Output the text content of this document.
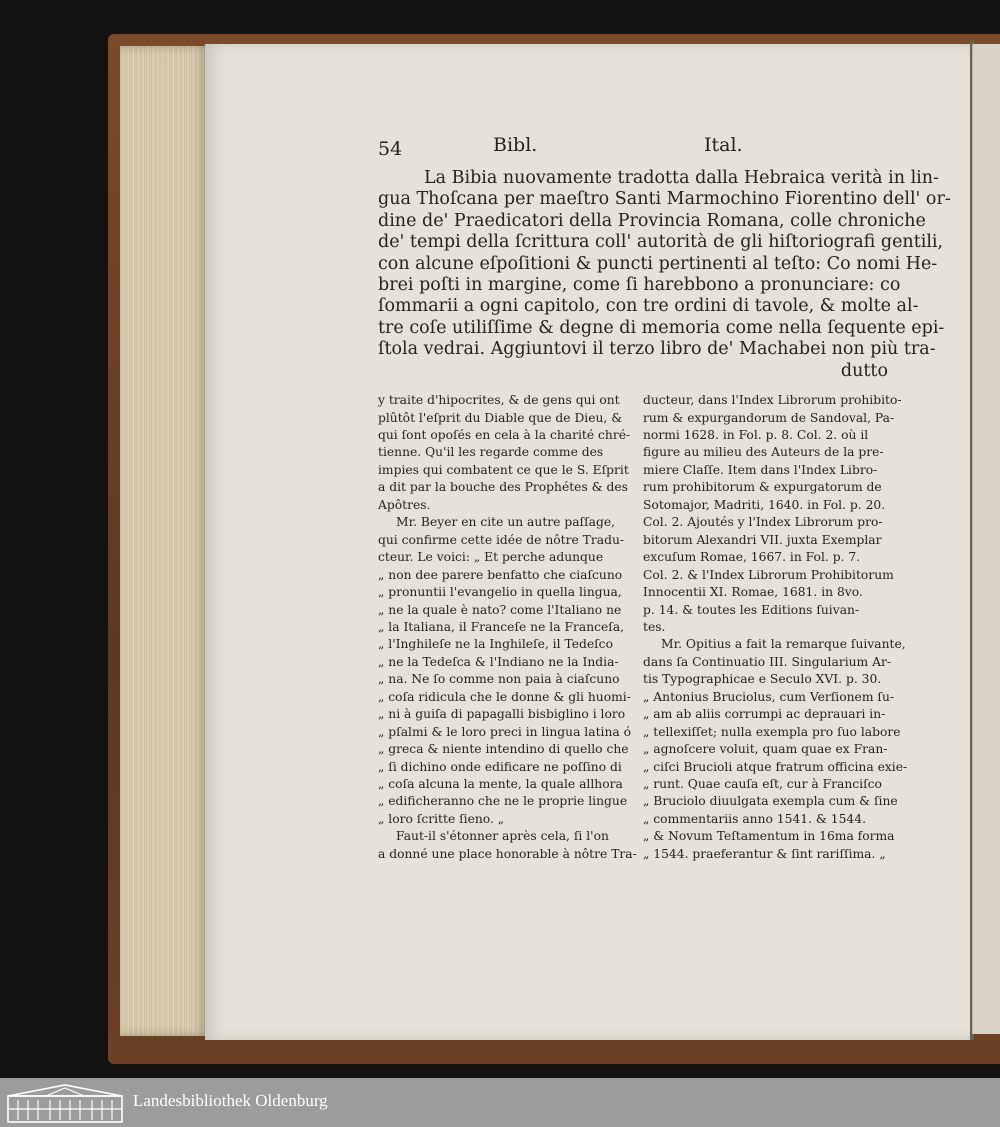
54	Bibl.	Ital.
La Bibia nuovamente tradotta dalla Hebraica verità in lin-
gua Thoſcana per maeſtro Santi Marmochino Fiorentino dell' or-
dine de' Praedicatori della Provincia Romana, colle chroniche
de' tempi della ſcrittura coll' autorità de gli hiſtoriografi gentili,
con alcune eſpoſitioni & puncti pertinenti al teſto: Co nomi He-
brei poſti in margine, come ſi harebbono a pronunciare: co
ſommarii a ogni capitolo, con tre ordini di tavole, & molte al-
tre coſe utiliſſime & degne di memoria come nella ſequente epi-
ſtola vedrai. Aggiuntovi il terzo libro de' Machabei non più tra-
dutto
y traite d'hipocrites, & de gens qui ont
plûtôt l'eſprit du Diable que de Dieu, &
qui ſont opoſés en cela à la charité chré-
tienne. Qu'il les regarde comme des
impies qui combatent ce que le S. Eſprit
a dit par la bouche des Prophétes & des
Apôtres.
Mr. Beyer en cite un autre paſſage,
qui confirme cette idée de nôtre Tradu-
cteur. Le voici: „ Et perche adunque
„ non dee parere benfatto che ciaſcuno
„ pronuntii l'evangelio in quella lingua,
„ ne la quale è nato? come l'Italiano ne
„ la Italiana, il Franceſe ne la Franceſa,
„ l'Inghileſe ne la Inghileſe, il Tedeſco
„ ne la Tedeſca & l'Indiano ne la India-
„ na. Ne ſo comme non paia à ciaſcuno
„ coſa ridicula che le donne & gli huomi-
„ ni à guiſa di papagalli bisbiglino i loro
„ pſalmi & le loro preci in lingua latina ó
„ greca & niente intendino di quello che
„ ſi dichino onde edificare ne poſſino di
„ coſa alcuna la mente, la quale allhora
„ edificheranno che ne le proprie lingue
„ loro ſcritte ſieno. „
Faut-il s'étonner après cela, ſi l'on
a donné une place honorable à nôtre Tra-
ducteur, dans l'Index Librorum prohibito-
rum & expurgandorum de Sandoval, Pa-
normi 1628. in Fol. p. 8. Col. 2. où il
figure au milieu des Auteurs de la pre-
miere Claſſe. Item dans l'Index Libro-
rum prohibitorum & expurgatorum de
Sotomajor, Madriti, 1640. in Fol. p. 20.
Col. 2. Ajoutés y l'Index Librorum pro-
bitorum Alexandri VII. juxta Exemplar
excuſum Romae, 1667. in Fol. p. 7.
Col. 2. & l'Index Librorum Prohibitorum
Innocentii XI. Romae, 1681. in 8vo.
p. 14. & toutes les Editions ſuivan-
tes.
Mr. Opitius a fait la remarque ſuivante,
dans ſa Continuatio III. Singularium Ar-
tis Typographicae e Seculo XVI. p. 30.
„ Antonius Bruciolus, cum Verſionem ſu-
„ am ab aliis corrumpi ac deprauari in-
„ tellexiſſet; nulla exempla pro ſuo labore
„ agnoſcere voluit, quam quae ex Fran-
„ ciſci Brucioli atque fratrum officina exie-
„ runt. Quae cauſa eſt, cur à Franciſco
„ Bruciolo diuulgata exempla cum & ſine
„ commentariis anno 1541. & 1544.
„ & Novum Teſtamentum in 16ma forma
„ 1544. praeferantur & ſint rariſſima. „
Landesbibliothek Oldenburg
